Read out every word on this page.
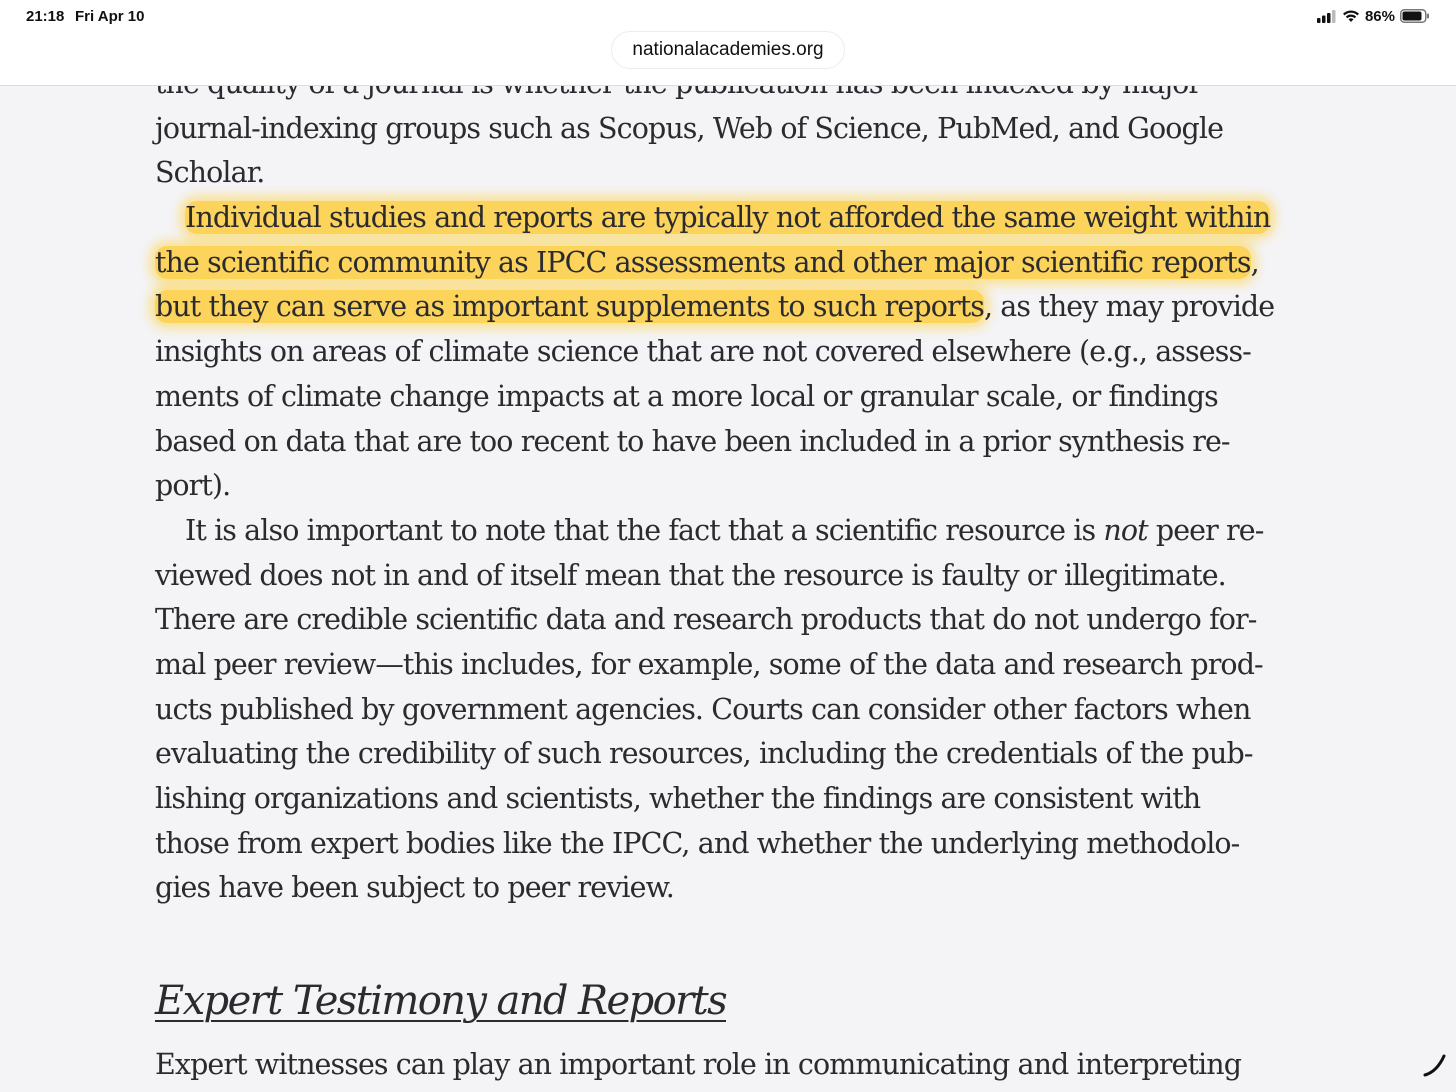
21:18 Fri Apr 10	86%
nationalacademies.org

journal-indexing groups such as Scopus, Web of Science, PubMed, and Google
Scholar.

Individual studies and reports are typically not afforded the same weight within
the scientific community as IPCC assessments and other major scientific reports,
but they can serve as important supplements to such reports, as they may provide
insights on areas of climate science that are not covered elsewhere (e.g., assess-
ments of climate change impacts at a more local or granular scale, or findings
based on data that are too recent to have been included in a prior synthesis re-
port).

It is also important to note that the fact that a scientific resource is not peer re-
viewed does not in and of itself mean that the resource is faulty or illegitimate.
There are credible scientific data and research products that do not undergo for-
mal peer review—this includes, for example, some of the data and research prod-
ucts published by government agencies. Courts can consider other factors when
evaluating the credibility of such resources, including the credentials of the pub-
lishing organizations and scientists, whether the findings are consistent with
those from expert bodies like the IPCC, and whether the underlying methodolo-
gies have been subject to peer review.

Expert Testimony and Reports
Expert witnesses can play an important role in communicating and interpreting
